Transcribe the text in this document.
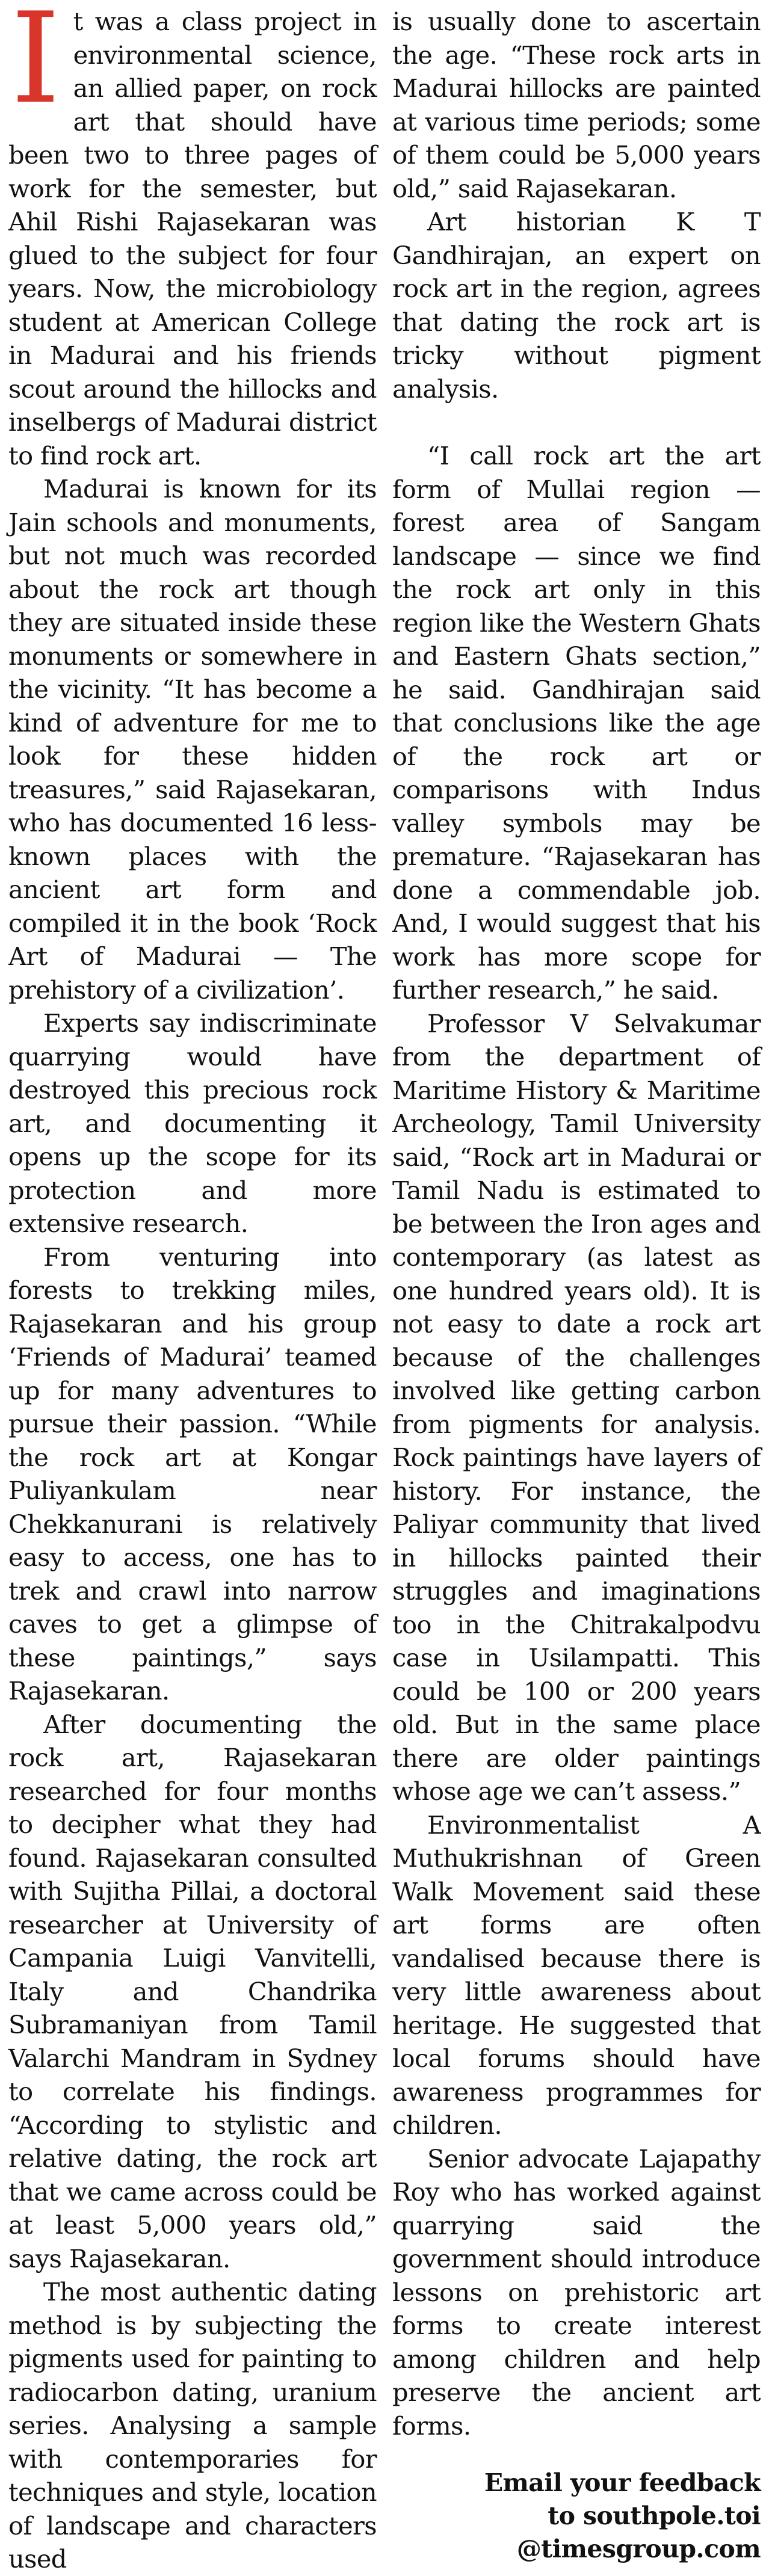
It was a class project in environmental science, an allied paper, on rock art that should have been two to three pages of work for the semester, but Ahil Rishi Rajasekaran was glued to the subject for four years. Now, the microbiology student at American College in Madurai and his friends scout around the hillocks and inselbergs of Madurai district to find rock art.

Madurai is known for its Jain schools and monuments, but not much was recorded about the rock art though they are situated inside these monuments or somewhere in the vicinity. “It has become a kind of adventure for me to look for these hidden treasures,” said Rajasekaran, who has documented 16 less-known places with the ancient art form and compiled it in the book ‘Rock Art of Madurai — The prehistory of a civilization’.

Experts say indiscriminate quarrying would have destroyed this precious rock art, and documenting it opens up the scope for its protection and more extensive research.

From venturing into forests to trekking miles, Rajasekaran and his group ‘Friends of Madurai’ teamed up for many adventures to pursue their passion. “While the rock art at Kongar Puliyankulam near Chekkanurani is relatively easy to access, one has to trek and crawl into narrow caves to get a glimpse of these paintings,” says Rajasekaran.

After documenting the rock art, Rajasekaran researched for four months to decipher what they had found. Rajasekaran consulted with Sujitha Pillai, a doctoral researcher at University of Campania Luigi Vanvitelli, Italy and Chandrika Subramaniyan from Tamil Valarchi Mandram in Sydney to correlate his findings. “According to stylistic and relative dating, the rock art that we came across could be at least 5,000 years old,” says Rajasekaran.

The most authentic dating method is by subjecting the pigments used for painting to radiocarbon dating, uranium series. Analysing a sample with contemporaries for techniques and style, location of landscape and characters used

is usually done to ascertain the age. “These rock arts in Madurai hillocks are painted at various time periods; some of them could be 5,000 years old,” said Rajasekaran.

Art historian K T Gandhirajan, an expert on rock art in the region, agrees that dating the rock art is tricky without pigment analysis.

“I call rock art the art form of Mullai region — forest area of Sangam landscape — since we find the rock art only in this region like the Western Ghats and Eastern Ghats section,” he said. Gandhirajan said that conclusions like the age of the rock art or comparisons with Indus valley symbols may be premature. “Rajasekaran has done a commendable job. And, I would suggest that his work has more scope for further research,” he said.

Professor V Selvakumar from the department of Maritime History & Maritime Archeology, Tamil University said, “Rock art in Madurai or Tamil Nadu is estimated to be between the Iron ages and contemporary (as latest as one hundred years old). It is not easy to date a rock art because of the challenges involved like getting carbon from pigments for analysis. Rock paintings have layers of history. For instance, the Paliyar community that lived in hillocks painted their struggles and imaginations too in the Chitrakalpodvu case in Usilampatti. This could be 100 or 200 years old. But in the same place there are older paintings whose age we can’t assess.”

Environmentalist A Muthukrishnan of Green Walk Movement said these art forms are often vandalised because there is very little awareness about heritage. He suggested that local forums should have awareness programmes for children.

Senior advocate Lajapathy Roy who has worked against quarrying said the government should introduce lessons on prehistoric art forms to create interest among children and help preserve the ancient art forms.

Email your feedback
to southpole.toi
@timesgroup.com
